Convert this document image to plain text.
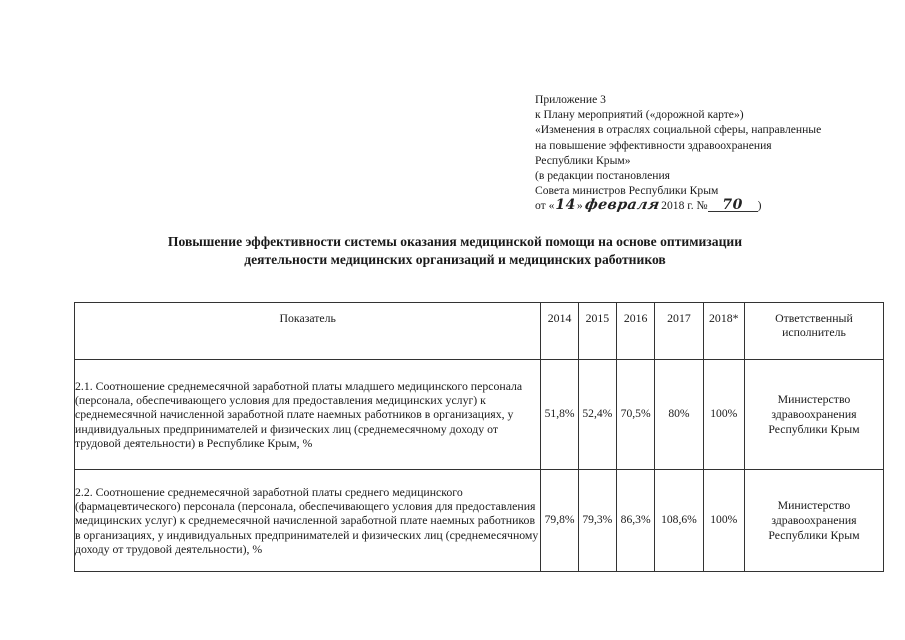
Приложение 3
к Плану мероприятий («дорожной карте»)
«Изменения в отраслях социальной сферы, направленные
на повышение эффективности здравоохранения
Республики Крым»
(в редакции постановления
Совета министров Республики Крым
от « 14 » февраля 2018 г. №	70	)
Повышение эффективности системы оказания медицинской помощи на основе оптимизации
деятельности медицинских организаций и медицинских работников
Показатель	2014	2015	2016	2017	2018*	Ответственный исполнитель
2.1. Соотношение среднемесячной заработной платы младшего медицинского персонала (персонала, обеспечивающего условия для предоставления медицинских услуг) к среднемесячной начисленной заработной плате наемных работников в организациях, у индивидуальных предпринимателей и физических лиц (среднемесячному доходу от трудовой деятельности) в Республике Крым, %	51,8%	52,4%	70,5%	80%	100%	Министерство здравоохранения Республики Крым
2.2. Соотношение среднемесячной заработной платы среднего медицинского (фармацевтического) персонала (персонала, обеспечивающего условия для предоставления медицинских услуг) к среднемесячной начисленной заработной плате наемных работников в организациях, у индивидуальных предпринимателей и физических лиц (среднемесячному доходу от трудовой деятельности), %	79,8%	79,3%	86,3%	108,6%	100%	Министерство здравоохранения Республики Крым
